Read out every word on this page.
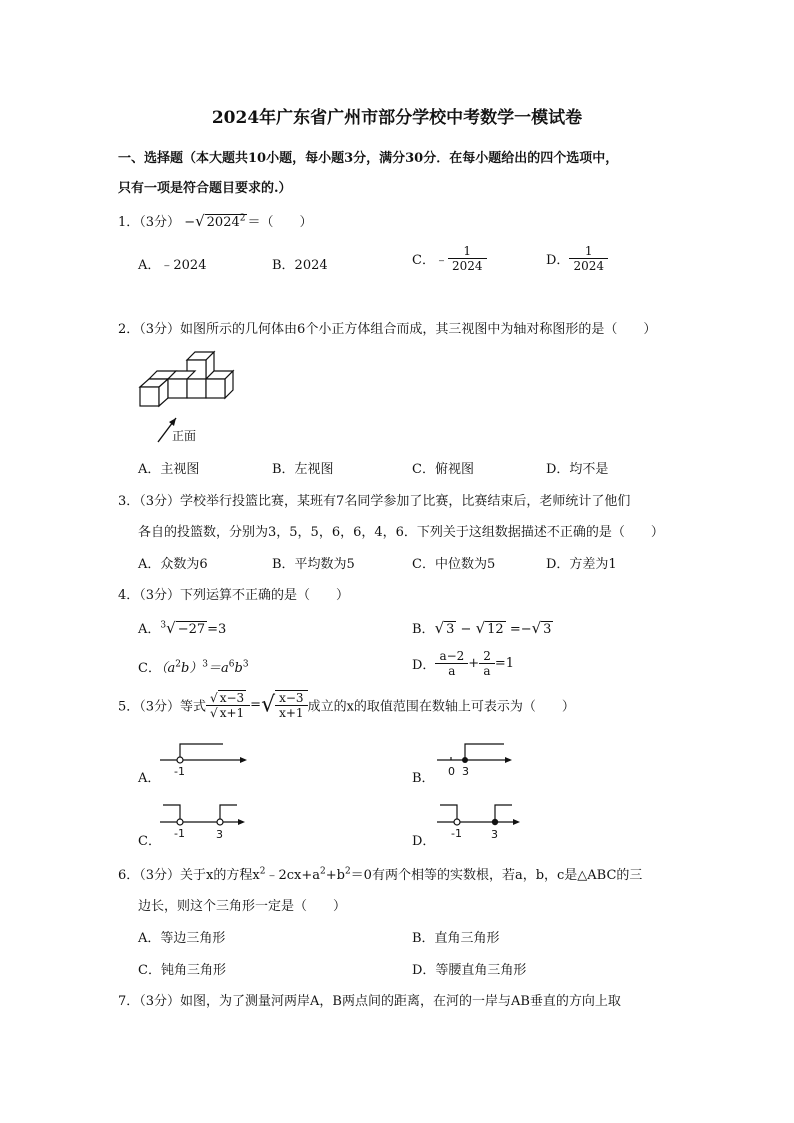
2024年广东省广州市部分学校中考数学一模试卷
一、选择题（本大题共10小题，每小题3分，满分30分．在每小题给出的四个选项中，
只有一项是符合题目要求的.）
1．（3分） −√ $2024^2$ ＝（　　）
A．﹣2024	B．2024	C．﹣ $\frac{1}{2024}$	D． $\frac{1}{2024}$
2．（3分）如图所示的几何体由6个小正方体组合而成，其三视图中为轴对称图形的是（　　）
正面
A．主视图	B．左视图	C．俯视图	D．均不是
3．（3分）学校举行投篮比赛，某班有7名同学参加了比赛，比赛结束后，老师统计了他们
各自的投篮数，分别为3，5，5，6，6，4，6．下列关于这组数据描述不正确的是（　　）
A．众数为6	B．平均数为5	C．中位数为5	D．方差为1
4．（3分）下列运算不正确的是（　　）
A．$^3$√ −27 =3	B．√ 3 − √ 12 =−√ 3
C．$(a^2b)^3=a^6b^3$	D． $\frac{a-2}{a} + \frac{2}{a} =1$
5．（3分）等式 $\frac{√ x-3}{√ x+1}$ =√ $\frac{x-3}{x+1}$ 成立的x的取值范围在数轴上可表示为（　　）
A． -1	B． 0 3
C．
-1	3	D．
-1	3
6．（3分）关于x的方程$x^2﹣2cx+a^2+b^2=0$有两个相等的实数根，若a，b，c是△ABC的三
边长，则这个三角形一定是（　　）
A．等边三角形	B．直角三角形
C．钝角三角形	D．等腰直角三角形
7．（3分）如图，为了测量河两岸A，B两点间的距离，在河的一岸与AB垂直的方向上取
